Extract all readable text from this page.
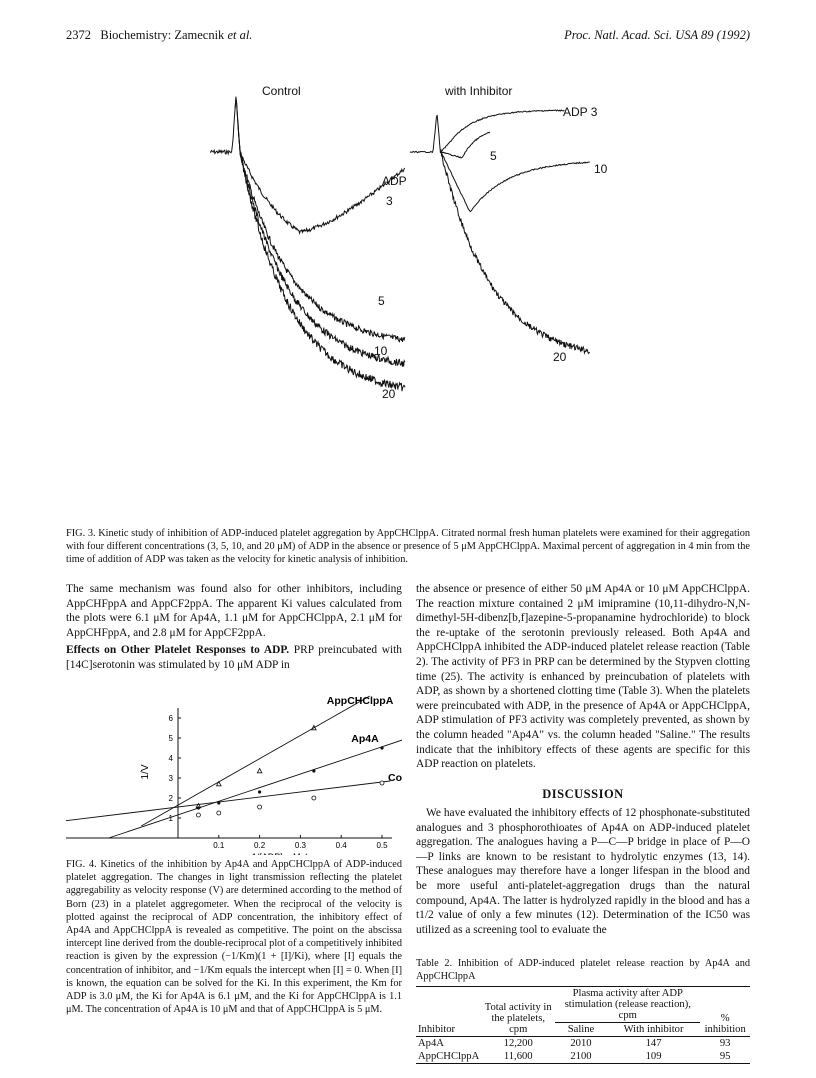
2372 Biochemistry: Zamecnik et al.	Proc. Natl. Acad. Sci. USA 89 (1992)
Control	with Inhibitor
ADP
3
5
10
20
ADP 3
5
10
20
FIG. 3. Kinetic study of inhibition of ADP-induced platelet aggregation by AppCHClppA. Citrated normal fresh human platelets were examined for their aggregation with four different concentrations (3, 5, 10, and 20 μM) of ADP in the absence or presence of 5 μM AppCHClppA. Maximal percent of aggregation in 4 min from the time of addition of ADP was taken as the velocity for kinetic analysis of inhibition.
The same mechanism was found also for other inhibitors, including AppCHFppA and AppCF2ppA. The apparent Ki values calculated from the plots were 6.1 μM for Ap4A, 1.1 μM for AppCHClppA, 2.1 μM for AppCHFppA, and 2.8 μM for AppCF2ppA.
Effects on Other Platelet Responses to ADP. PRP preincubated with [14C]serotonin was stimulated by 10 μM ADP in
0.1	0.2	0.3	0.4	0.5
1
2
3
4
5
6
1/V
AppCHClppA
Ap4A
Co
the absence or presence of either 50 μM Ap4A or 10 μM AppCHClppA. The reaction mixture contained 2 μM imipramine (10,11-dihydro-N,N-dimethyl-5H-dibenz[b,f]azepine-5-propanamine hydrochloride) to block the re-uptake of the serotonin previously released. Both Ap4A and AppCHClppA inhibited the ADP-induced platelet release reaction (Table 2). The activity of PF3 in PRP can be determined by the Stypven clotting time (25). The activity is enhanced by preincubation of platelets with ADP, as shown by a shortened clotting time (Table 3). When the platelets were preincubated with ADP, in the presence of Ap4A or AppCHClppA, ADP stimulation of PF3 activity was completely prevented, as shown by the column headed "Ap4A" vs. the column headed "Saline." The results indicate that the inhibitory effects of these agents are specific for this ADP reaction on platelets.
DISCUSSION
We have evaluated the inhibitory effects of 12 phosphonate-substituted analogues and 3 phosphorothioates of Ap4A on ADP-induced platelet aggregation. The analogues having a P—C—P bridge in place of P—O—P links are known to be resistant to hydrolytic enzymes (13, 14). These analogues may therefore have a longer lifespan in the blood and be more useful anti-platelet-aggregation drugs than the natural compound, Ap4A. The latter is hydrolyzed rapidly in the blood and has a t1/2 value of only a few minutes (12). Determination of the IC50 was utilized as a screening tool to evaluate the
Table 2. Inhibition of ADP-induced platelet release reaction by Ap4A and AppCHClppA
Inhibitor	Total activity in the platelets, cpm	Plasma activity after ADP stimulation (release reaction), cpm		% inhibition
		Saline	With inhibitor	
Ap4A	12,200	2010	147	93
AppCHClppA	11,600	2100	109	95
FIG. 4. Kinetics of the inhibition by Ap4A and AppCHClppA of ADP-induced platelet aggregation. The changes in light transmission reflecting the platelet aggregability as velocity response (V) are determined according to the method of Born (23) in a platelet aggregometer. When the reciprocal of the velocity is plotted against the reciprocal of ADP concentration, the inhibitory effect of Ap4A and AppCHClppA is revealed as competitive. The point on the abscissa intercept line derived from the double-reciprocal plot of a competitively inhibited reaction is given by the expression (−1/Km)(1 + [I]/Ki), where [I] equals the concentration of inhibitor, and −1/Km equals the intercept when [I] = 0. When [I] is known, the equation can be solved for the Ki. In this experiment, the Km for ADP is 3.0 μM, the Ki for Ap4A is 6.1 μM, and the Ki for AppCHClppA is 1.1 μM. The concentration of Ap4A is 10 μM and that of AppCHClppA is 5 μM.
